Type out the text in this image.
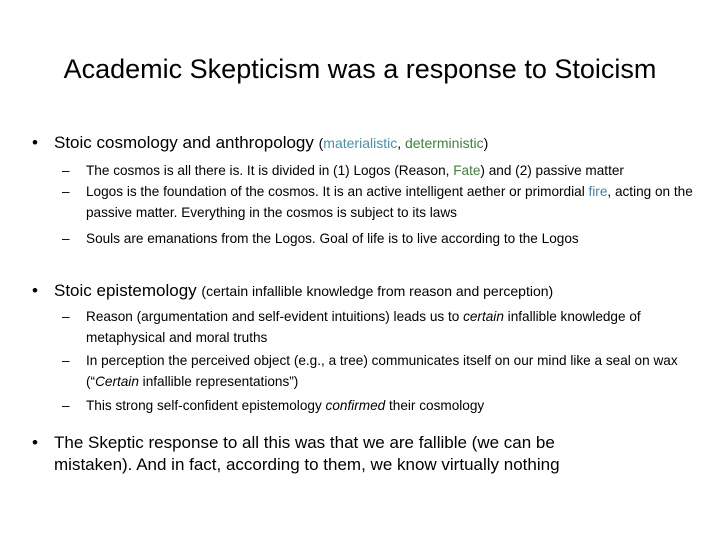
Academic Skepticism was a response to Stoicism
• Stoic cosmology and anthropology (materialistic, deterministic)
–	The cosmos is all there is. It is divided in (1) Logos (Reason, Fate) and (2) passive matter
–	Logos is the foundation of the cosmos. It is an active intelligent aether or primordial fire, acting on the passive matter. Everything in the cosmos is subject to its laws
–	Souls are emanations from the Logos. Goal of life is to live according to the Logos
• Stoic epistemology (certain infallible knowledge from reason and perception)
–	Reason (argumentation and self-evident intuitions) leads us to certain infallible knowledge of metaphysical and moral truths
–	In perception the perceived object (e.g., a tree) communicates itself on our mind like a seal on wax (“Certain infallible representations”)
–	This strong self-confident epistemology confirmed their cosmology
• The Skeptic response to all this was that we are fallible (we can be mistaken). And in fact, according to them, we know virtually nothing
